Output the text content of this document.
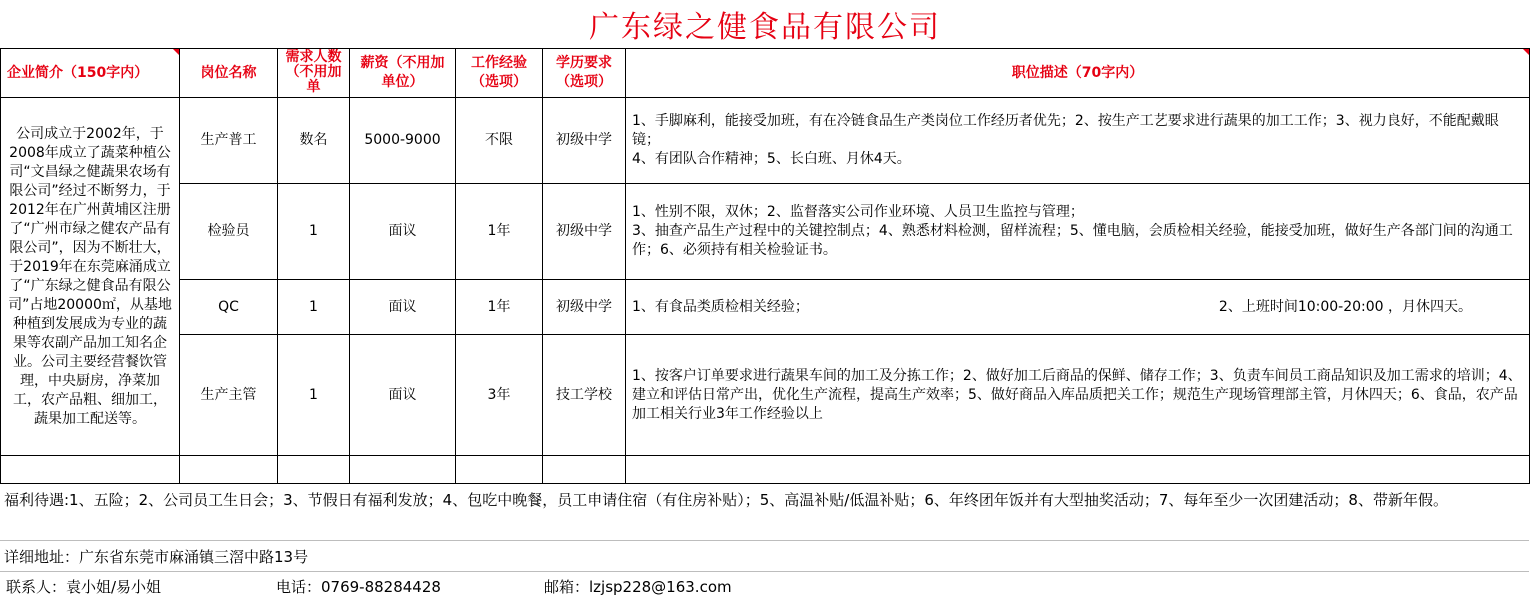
广东绿之健食品有限公司
企业简介（150字内）	岗位名称	需求人数（不用加单	薪资（不用加单位）	工作经验（选项）	学历要求（选项）	职位描述（70字内）
公司成立于2002年，于2008年成立了蔬菜种植公司“文昌绿之健蔬果农场有限公司”经过不断努力，于2012年在广州黄埔区注册了“广州市绿之健农产品有限公司”，因为不断壮大，于2019年在东莞麻涌成立了“广东绿之健食品有限公司”占地20000㎡，从基地种植到发展成为专业的蔬果等农副产品加工知名企业。公司主要经营餐饮管理，中央厨房，净菜加工，农产品粗、细加工，蔬果加工配送等。	生产普工	数名	5000-9000	不限	初级中学	1、手脚麻利，能接受加班，有在冷链食品生产类岗位工作经历者优先；2、按生产工艺要求进行蔬果的加工工作；3、视力良好，不能配戴眼镜；
4、有团队合作精神；5、长白班、月休4天。

	检验员	1	面议	1年	初级中学	1、性别不限，双休；2、监督落实公司作业环境、人员卫生监控与管理；
3、抽查产品生产过程中的关键控制点；4、熟悉材料检测，留样流程；5、懂电脑，会质检相关经验，能接受加班，做好生产各部门间的沟通工作；6、必须持有相关检验证书。

	QC	1	面议	1年	初级中学	1、有食品类质检相关经验； 2、上班时间10:00-20:00 ，月休四天。
	生产主管	1	面议	3年	技工学校	1、按客户订单要求进行蔬果车间的加工及分拣工作；2、做好加工后商品的保鲜、储存工作；3、负责车间员工商品知识及加工需求的培训；4、建立和评估日常产出，优化生产流程，提高生产效率；5、做好商品入库品质把关工作；规范生产现场管理部主管，月休四天；6、食品，农产品加工相关行业3年工作经验以上

福利待遇:1、五险；2、公司员工生日会；3、节假日有福利发放；4、包吃中晚餐，员工申请住宿（有住房补贴）；5、高温补贴/低温补贴；6、年终团年饭并有大型抽奖活动；7、每年至少一次团建活动；8、带新年假。
详细地址：广东省东莞市麻涌镇三滘中路13号
联系人：袁小姐/易小姐	电话：0769-88284428	邮箱：lzjsp228@163.com
